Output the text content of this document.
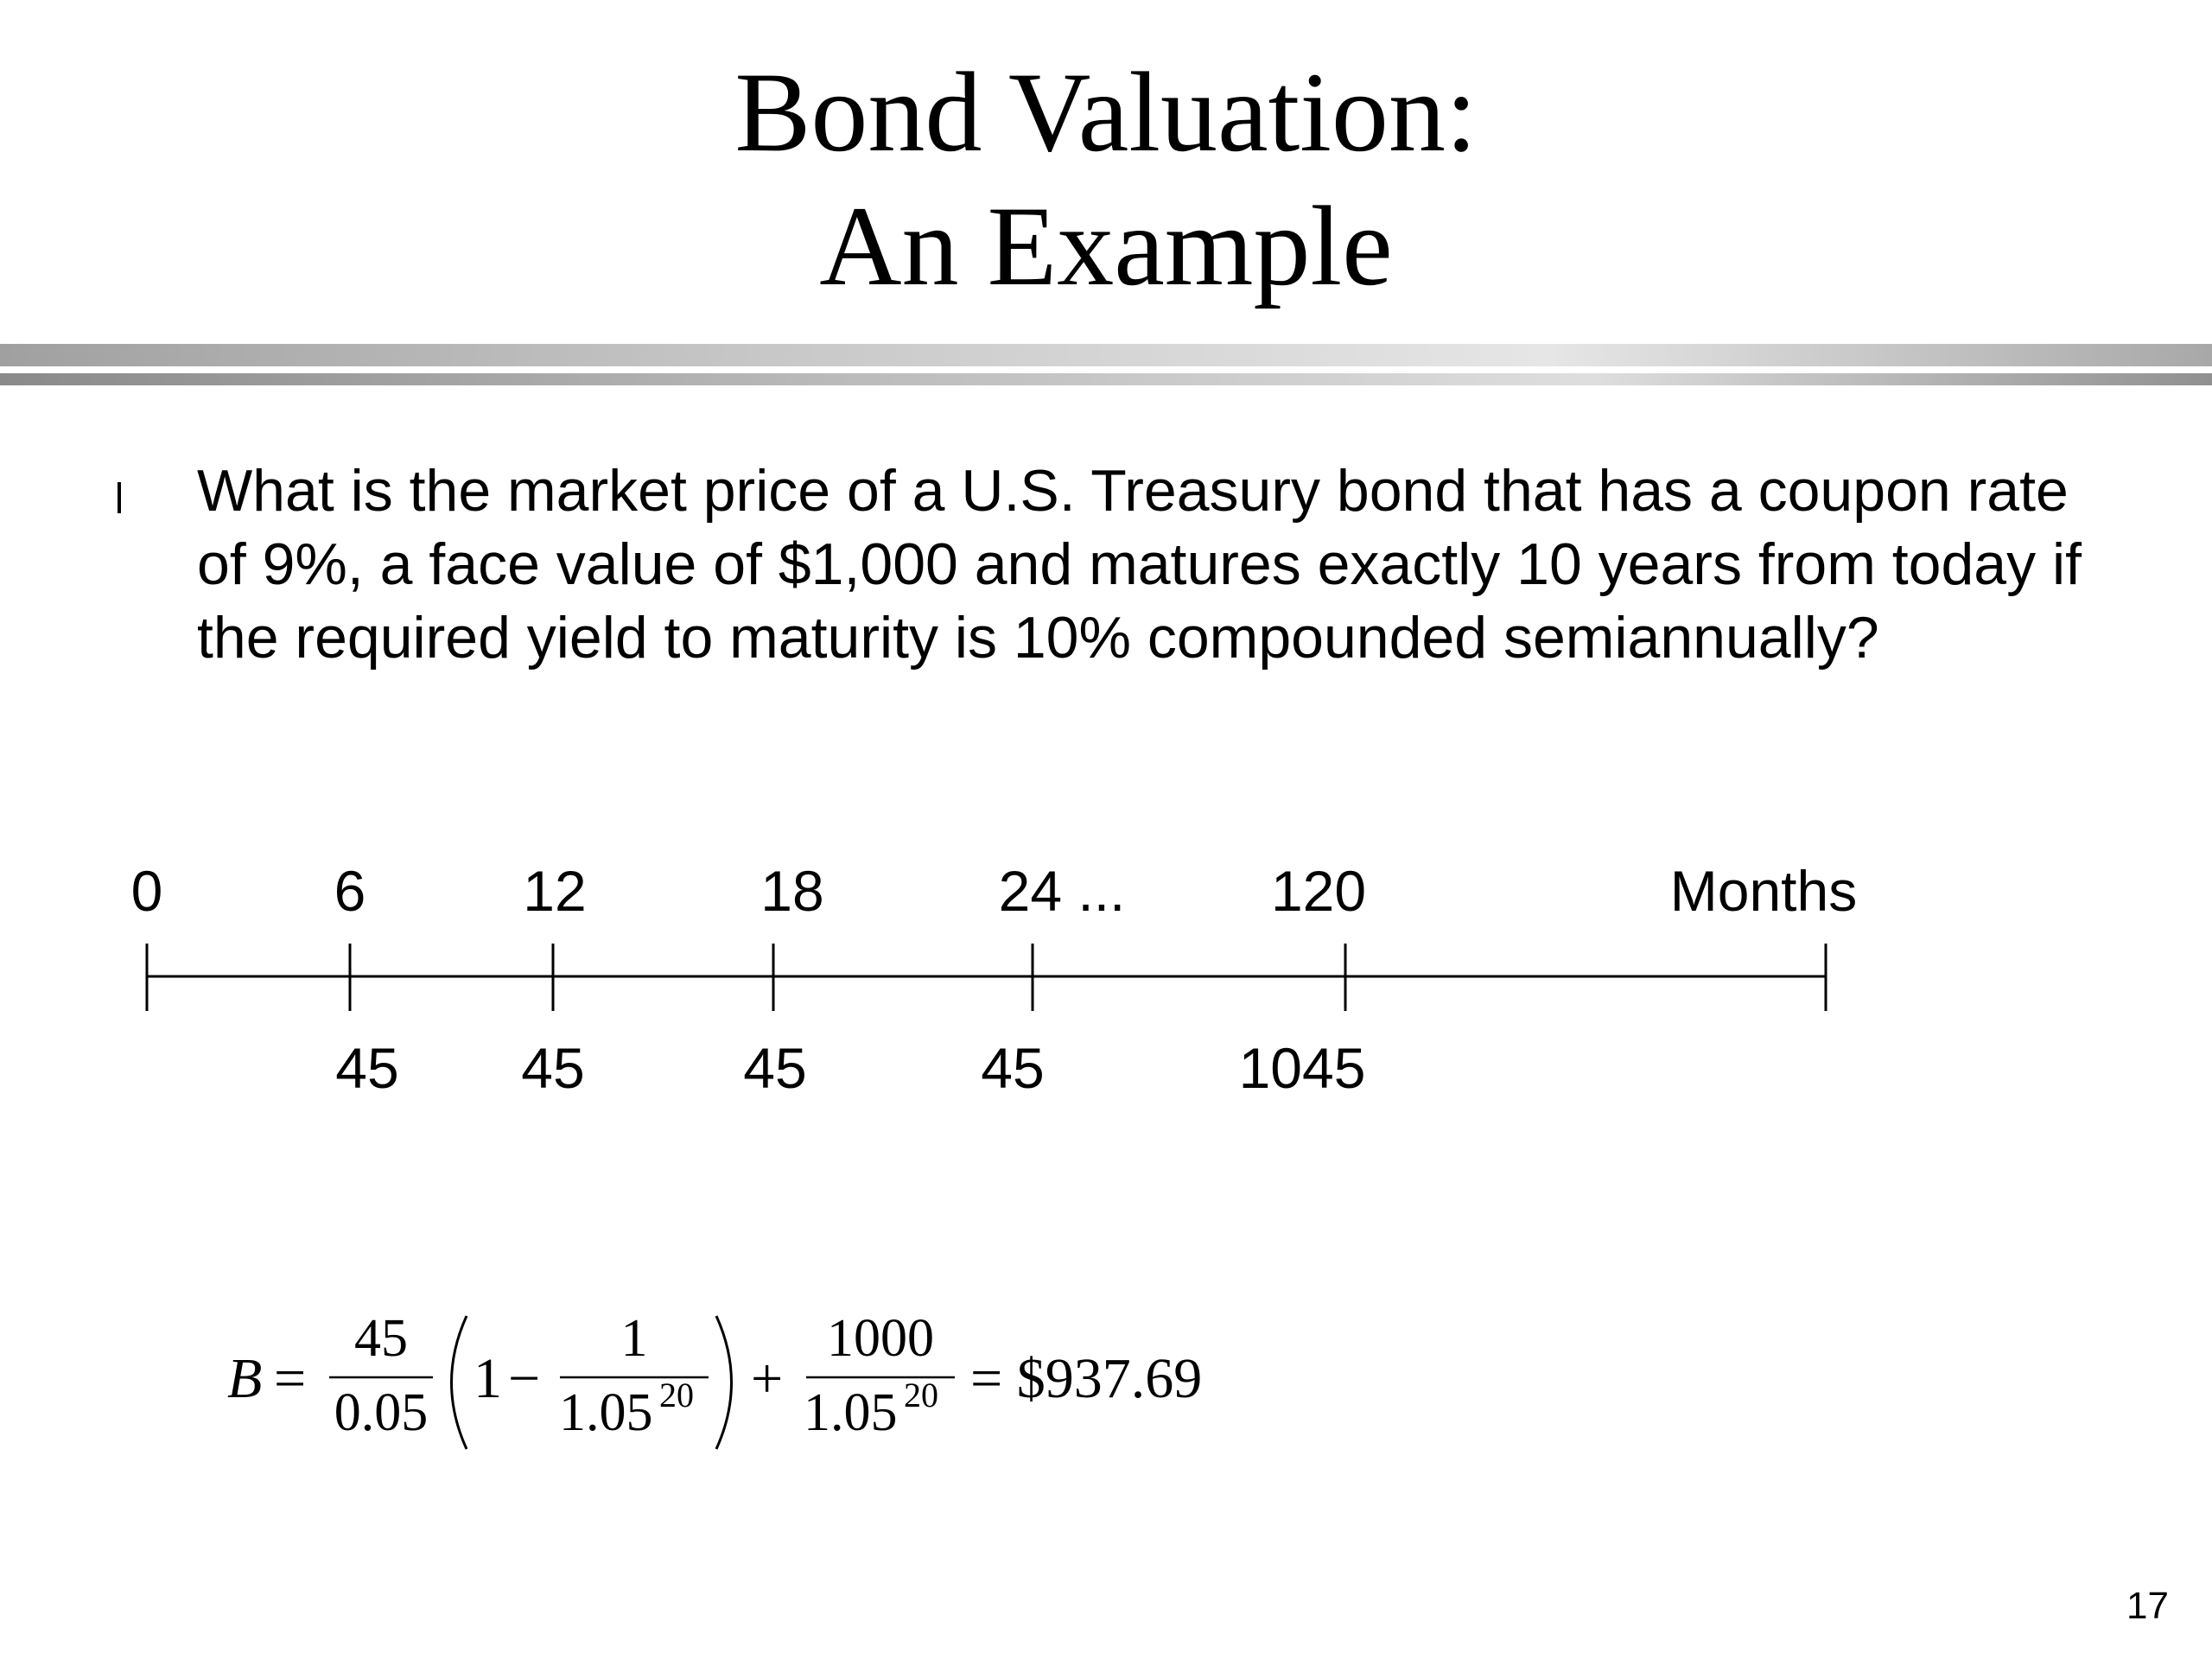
Bond Valuation:
An Example
What is the market price of a U.S. Treasury bond that has a coupon rate of 9%, a face value of $1,000 and matures exactly 10 years from today if the required yield to maturity is 10% compounded semiannually?
0	6	12	18	24 ...	120	Months
45 45	45	45	1045
B =
45
0.05
1 −
1
1.05 20 +
1000
1.05 20 = $937.69
17
